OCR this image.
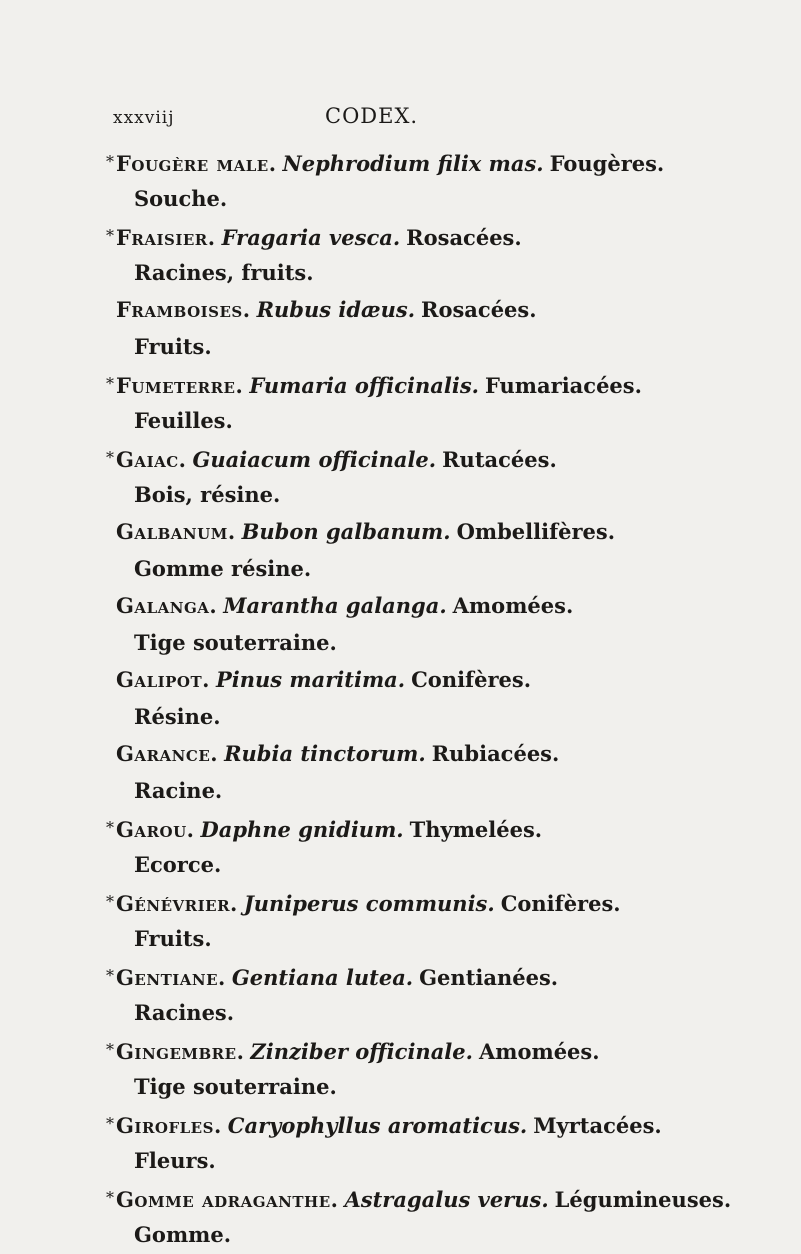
xxxviij	CODEX.
*Fougère male. Nephrodium filix mas. Fougères.
Souche.
*Fraisier. Fragaria vesca. Rosacées.
Racines, fruits.
Framboises. Rubus idæus. Rosacées.
Fruits.
*Fumeterre. Fumaria officinalis. Fumariacées.
Feuilles.
*Gaiac. Guaiacum officinale. Rutacées.
Bois, résine.
Galbanum. Bubon galbanum. Ombellifères.
Gomme résine.
Galanga. Marantha galanga. Amomées.
Tige souterraine.
Galipot. Pinus maritima. Conifères.
Résine.
Garance. Rubia tinctorum. Rubiacées.
Racine.
*Garou. Daphne gnidium. Thymelées.
Ecorce.
*Génévrier. Juniperus communis. Conifères.
Fruits.
*Gentiane. Gentiana lutea. Gentianées.
Racines.
*Gingembre. Zinziber officinale. Amomées.
Tige souterraine.
*Girofles. Caryophyllus aromaticus. Myrtacées.
Fleurs.
*Gomme adraganthe. Astragalus verus. Légumineuses.
Gomme.
